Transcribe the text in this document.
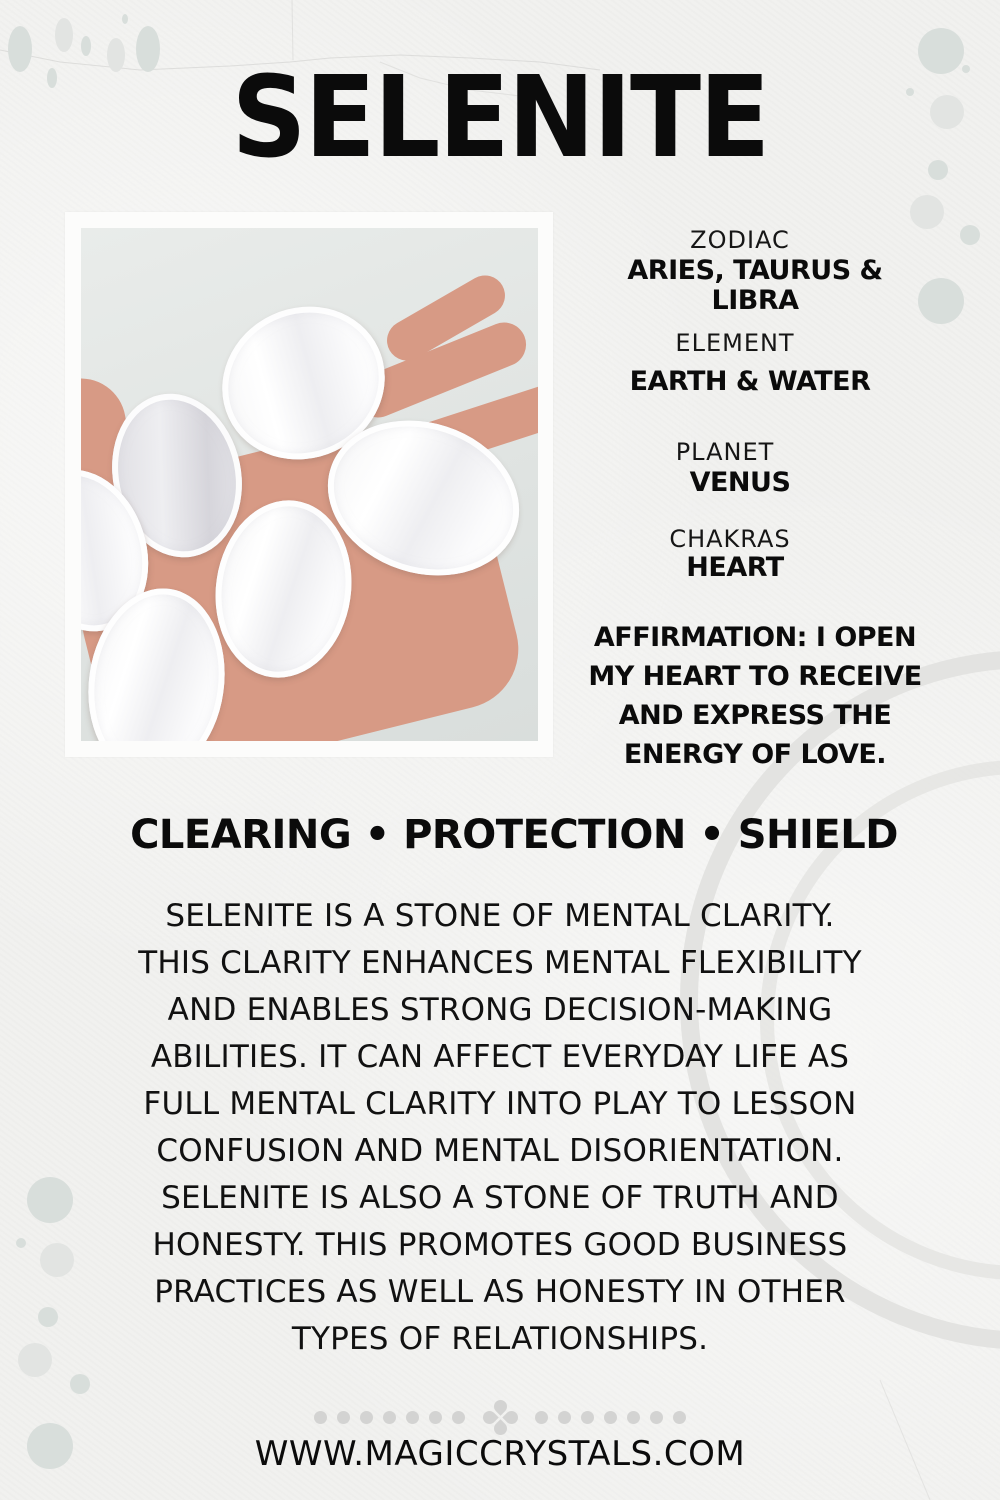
SELENITE
ZODIAC
ARIES, TAURUS & LIBRA
ELEMENT
EARTH & WATER
PLANET
VENUS
CHAKRAS
HEART
AFFIRMATION: I OPEN
MY HEART TO RECEIVE
AND EXPRESS THE
ENERGY OF LOVE.
CLEARING • PROTECTION • SHIELD
SELENITE IS A STONE OF MENTAL CLARITY.
THIS CLARITY ENHANCES MENTAL FLEXIBILITY
AND ENABLES STRONG DECISION-MAKING
ABILITIES. IT CAN AFFECT EVERYDAY LIFE AS
FULL MENTAL CLARITY INTO PLAY TO LESSON
CONFUSION AND MENTAL DISORIENTATION.
SELENITE IS ALSO A STONE OF TRUTH AND
HONESTY. THIS PROMOTES GOOD BUSINESS
PRACTICES AS WELL AS HONESTY IN OTHER
TYPES OF RELATIONSHIPS.
WWW.MAGICCRYSTALS.COM
